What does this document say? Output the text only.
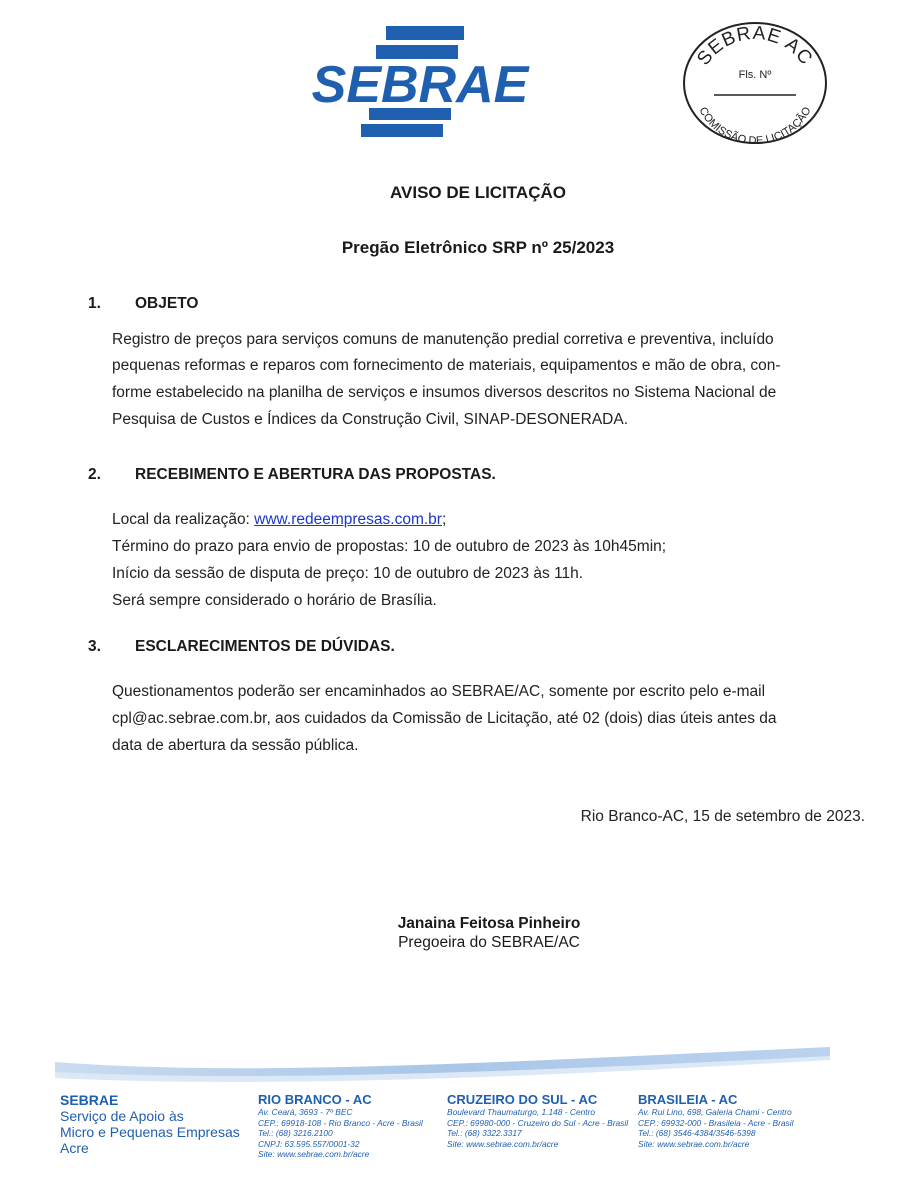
SEBRAE	SEBRAE AC
Fls. Nº
COMISSÃO DE LICITAÇÃO
AVISO DE LICITAÇÃO
Pregão Eletrônico SRP nº 25/2023
1. OBJETO
Registro de preços para serviços comuns de manutenção predial corretiva e preventiva, incluído
pequenas reformas e reparos com fornecimento de materiais, equipamentos e mão de obra, con-
forme estabelecido na planilha de serviços e insumos diversos descritos no Sistema Nacional de
Pesquisa de Custos e Índices da Construção Civil, SINAP-DESONERADA.
2. RECEBIMENTO E ABERTURA DAS PROPOSTAS.
Local da realização: www.redeempresas.com.br;
Término do prazo para envio de propostas: 10 de outubro de 2023 às 10h45min;
Início da sessão de disputa de preço: 10 de outubro de 2023 às 11h.
Será sempre considerado o horário de Brasília.
3. ESCLARECIMENTOS DE DÚVIDAS.
Questionamentos poderão ser encaminhados ao SEBRAE/AC, somente por escrito pelo e-mail
cpl@ac.sebrae.com.br, aos cuidados da Comissão de Licitação, até 02 (dois) dias úteis antes da
data de abertura da sessão pública.
Rio Branco-AC, 15 de setembro de 2023.
Janaina Feitosa Pinheiro
Pregoeira do SEBRAE/AC
SEBRAE
Serviço de Apoio às
Micro e Pequenas Empresas
Acre
RIO BRANCO - AC
Av. Ceará, 3693 - 7º BEC
CEP.: 69918-108 - Rio Branco - Acre - Brasil
Tel.: (68) 3216.2100
CNPJ: 63.595.557/0001-32
Site: www.sebrae.com.br/acre
CRUZEIRO DO SUL - AC
Boulevard Thaumaturgo, 1.148 - Centro
CEP.: 69980-000 - Cruzeiro do Sul - Acre - Brasil
Tel.: (68) 3322.3317
Site: www.sebrae.com.br/acre
BRASILEIA - AC
Av. Rui Lino, 698, Galeria Chami - Centro
CEP.: 69932-000 - Brasileia - Acre - Brasil
Tel.: (68) 3546-4384/3546-5398
Site: www.sebrae.com.br/acre
